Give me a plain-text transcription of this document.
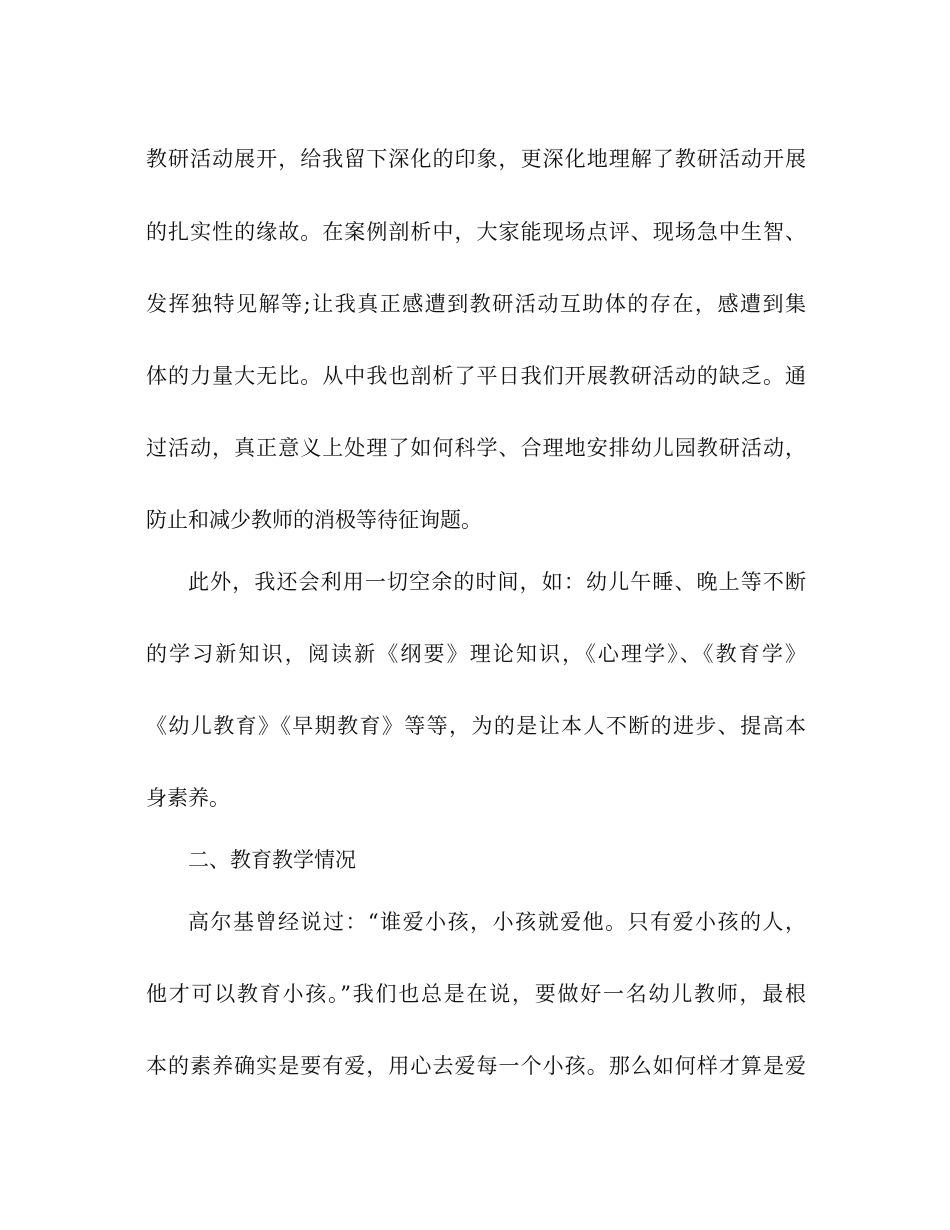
教研活动展开，给我留下深化的印象，更深化地理解了教研活动开展
的扎实性的缘故。在案例剖析中，大家能现场点评、现场急中生智、
发挥独特见解等;让我真正感遭到教研活动互助体的存在，感遭到集
体的力量大无比。从中我也剖析了平日我们开展教研活动的缺乏。通
过活动，真正意义上处理了如何科学、合理地安排幼儿园教研活动，
防止和减少教师的消极等待征询题。
此外，我还会利用一切空余的时间，如：幼儿午睡、晚上等不断
的学习新知识，阅读新《纲要》理论知识，《心理学》、《教育学》
《幼儿教育》《早期教育》等等，为的是让本人不断的进步、提高本
身素养。
二、教育教学情况
高尔基曾经说过：“谁爱小孩，小孩就爱他。只有爱小孩的人，
他才可以教育小孩。”我们也总是在说，要做好一名幼儿教师，最根
本的素养确实是要有爱，用心去爱每一个小孩。那么如何样才算是爱
